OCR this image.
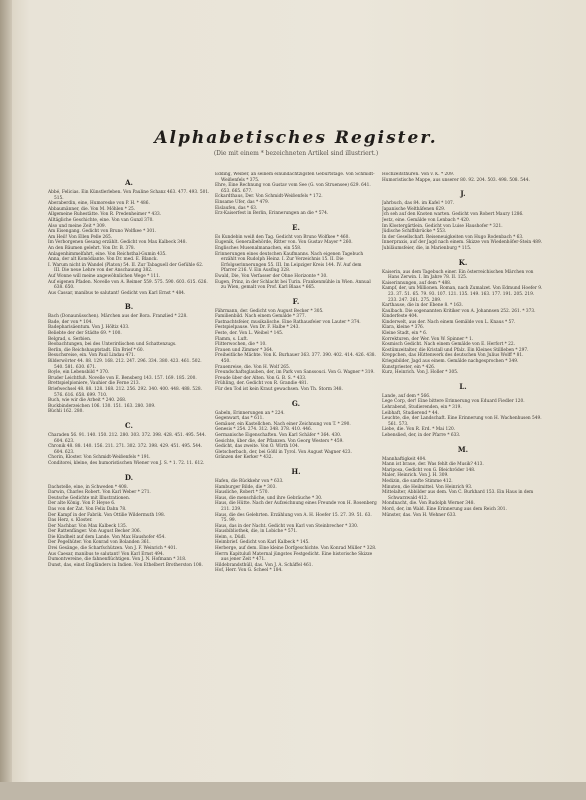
Alphabetisches Register.
(Die mit einem * bezeichneten Artikel sind illustriert.)
A.

Abbé, Felicias. Ein Künstlerleben. Von Pauline Schanz 463. 477. 493. 501. 515.

Aberaberdin, eine, Humoreske von P. H. * 486.

Abbaumänner, die. Von M. Möhlen * 25.

Allgemeine Ruhestätte. Von R. Predenheimer * 433.

Alltägliche Geschichte, eine. Von van Gunzl 370.

Also und meine Zeit * 309.

Am Eisengang. Gedicht von Bruno Wolfkee * 301.

Am Heil! Von Ellen Pelle 265.

Im Verborgenen Gesang erzählt. Gedicht von Max Kalbeck 348.

An den Bäumen gelehrt. Von Dr. B. 378.

Anlagenhimmelfahrt, eine. Von Reichsthal-Gumin 435.

Anna, der alt Komödiante. Von Dr. med. E. Blanck.

I. Warum nicht in Wandel (Platon) 54. II. Zur Tabaguell der Gefühle 62. III. Die neue Lehre von der Anschauung 382.

Auf Wonne will meine angewöhnlichen Wege * 111.

Auf eigenen Pfaden. Novelle von A. Reimer 559. 575. 590. 603. 615. 626. 638. 650.

Aus Cassar, manibus te salutant! Gedicht von Karl Ernst * 484.

B.

Bach (Donaunüsschen). Märchen aus der Bora. Franzlied * 228.

Bade, der von * 104.

Badepharisäentum. Von J. Höltiz 433.

Beliebte der der Städte 69. * 100.

Belgrad, s. Serbien.

Beobachtungen, bei des Unterirdischen und Schattenzugs.

Berlin, die Reichshauptstadt. Ein Brief * 60.

Besuchsreise, ein. Von Paul Lindau 471.

Bilderwörter 44. 88. 129. 168. 212. 247. 296. 334. 380. 423. 461. 502. 540. 581. 630. 671.

Boyle, ein Lebensbild * 370.

Bruder Leichtfuß. Novelle von E. Bensberg 143. 157. 169. 185. 200.

Brettspielpioniere, Vauhier die Ferne 213.

Briefwechsel 48. 88. 128. 168. 212. 256. 292. 340. 400. 448. 488. 528. 576. 616. 658. 699. 710.

Buch, wie wir die Arbeit * 240. 268.

Buckbinderzeichen 106. 130. 151. 163. 280. 309.

Büchli 162. 280.

C.

Charaden 56. 91. 140. 150. 212. 280. 303. 372. 398. 428. 451. 495. 544. 604. 623.

Chronik 48. 88. 140. 156. 211. 271. 302. 372. 398. 429. 451. 495. 544. 604. 623.

Chorin, Kloster. Von Schmidt-Weißenfels * 191.

Conditorei, kleine, des humoristischen Wiener von J. S. * 1. 72. 11. 612.

D.

Dachstelle, eine, in Schweden * 408.

Darwin, Charles Robert. Von Karl Weber * 271.

Deutsche Gedichte mit Illustrationen.

Der alte König. Von P. Heyse 6.

Das von der Zat. Von Felix Dahn 78.

Der Kampf in der Fabrik. Von Ottilie Wildermuth 198.

Das Herz, s. Kloster.

Der Nachbar. Von Max Kalbeck 135.

Der Rattenfänger. Von August Becker 306.

Die Kindheit auf dem Lande. Von Max Haushofer 454.

Der Pegelhüter. Von Konrad von Bolanden 361.

Drei Gesänge, die Scharfschützen. Von J. F. Weinrich * 401.

Aus Caesar, manibus te salutant! Von Karl Ernst 494.

Dumontvereine, die fahnenflüchtigen. Von J. N. Hofmann * 318.

Dunst, das, einst Engländers in Indien. Von Ethelbert Brotherston 108.

Edding, Weiber, an seinem einundachtzigsten Geburtstage. Von Schmidt-Weißenfels * 375.

Ehre, Eine Rechnung von Gustav vom See (G. von Struensee) 629. 641. 653. 665. 677.

Eckardthaus, Der. Von Schmidt-Weißenfels * 172.

Einsame Ufer, das * 479.

Eislaufen, das * 63.

Erz-Kaiserfest in Berlin, Erinnerungen an die * 574.

E.

Es Kundebin weiß den Tag. Gedicht von Bruno Wolfkee * 460.

Eugenik, Generalbehörde, Ritter von. Von Gustav Mayer * 260.

Englisches Musenalmanachen, ein 558.

Erinnerungen eines deutschen Kaufmanns. Nach eigenen Tagebuch erzählt von Rudolph Heinz. I. Zur Verzeichnis 15. II. Die Erfolgserinnerungen 55. III. Im Leipziger Kreis 144. IV. Auf dem Pfarrer 216. V. Ein Ausflug 328.

Ewald, Die, Von Verfasser der Ohne Horizonte * 30.

Eugen, Prinz, in der Schlacht bei Turin. Frankenmühle in Wien. Annual zu Wien, gemalt von Prof. Karl Blaas * 665.

F.

Fährmann, der. Gedicht von August Becker * 305.

Familienbild. Nach einem Gemälde * 377.

Fastnachtsfeier, musikalische. Eine Rathausfeier von Lauter * 374.

Festspielpause. Von Dr. F. Halbe * 243.

Feste, der. Von L. Weibel * 145.

Flamm, s. Luft.

Flitterwochen, die * 10.

Frauen und Zimmer * 364.

Freiheitliche Mächte. Von K. Burhauer 363. 377. 390. 402. 414. 426. 438. 450.

Frauenreise, die. Von H. Wolf 265.

Freundschaftsglauben, der, im Park von Sanssouci. Von G. Wagner * 319.

Freude über der Alten. Von G. B. S. * 433.

Frühling, der. Gedicht von R. Grandie 481.

Für den Tod ist kein Kraut gewachsen. Von Th. Storm 348.

G.

Gabeln, Erinnerungen an * 224.

Gegenwart, das * 611.

Gemäuer, ein Kastellchen. Nach einer Zeichnung von T. * 290.

Genesis * 254. 274. 312. 348. 378. 410. 446.

Germanische Eigenschaften. Von Karl Schäfer * 364. 430.

Gesichte, über die, der Pflanzen. Von Georg Westers * 459.

Gedicht, das zweite. Von O. Wirth 104.

Gletscherbach, der, bei Gößl in Tyrol. Von August Wagner 423.

Gränzen der Kerker * 432.

H.

Hafen, die Rückkehr von * 633.

Hamburger Bilde, die * 303.

Hausliche, Robert * 570.

Haus, die menschliche, und ihre Gebräuche * 30.

Haus, die Hütte. Nach der Aufzeichnung eines Freunde von H. Rosenberg 211. 239.

Haus, die des Gelehrten. Erzählung von A. H. Hoefer 15. 27. 39. 51. 63. 75. 99.

Haus, das in der Nacht. Gedicht von Karl von Steinbrecher * 330.

Hausbibliothek, die, in Lobiche * 571.

Heim, s. Düdl.

Heimbrief. Gedicht von Karl Kalbeck * 145.

Herberge, auf dem. Eine kleine Dorfgeschichte. Von Konrad Müller * 328.

Herrn Kapituluß Maternal jüngstes Festgedicht. Eine historische Skizze aus jener Zeit * 471.

Hildebrandsthüll, das. Von J. A. Schäffel 461.

Hof, Herr. Von G. Scheel * 184.

Hochzeitsthüren. Von v. K. * 209.

Humoristische Mappe, aus unserer 80. 92. 204. 503. 498. 508. 544.

J.

Jahrbuch, das 84. im Kafel * 107.

Japanische Welthäfenen 629.

Jch seh auf den Knoten warten. Gedicht von Robert Maury 1286.

Jestz, eine. Gemälde von Lenbach * 420.

Im Klostergärtlein. Gedicht von Luise Haushofer * 321.

Jüdische Schiffsbrücke * 553.

In der Gesellschaft. Reiseneuigkeiten von Hugo Rodenbach * 63.

Innerpraxis, auf der Jagd nach einem. Skizze von Wiedenhöfer-Stein 489.

Jubiläumsfeier, die, in Marienburg * 115.

K.

Kaiserin, aus dem Tagebuch einer. Ein österreichischen Märchen von Hans Zerwin. I. Im Jahre 78. II. 125.

Kaiserinnungen, auf dem * 488.

Kampf, der, um Millionen. Roman, nach Zumalzet. Von Edmund Hoefer 9. 23. 37. 51. 65. 79. 93. 107. 121. 135. 149. 163. 177. 191. 205. 219. 233. 247. 261. 275. 289.

Karthause, die in der Ebene 8. * 163.

Kaulbach. Die sogenannten Kritiker von A. Johannsen 252. 261. * 373.

Kinderfeste 404.

Kinderwelt, aus der. Nach einem Gemälde von L. Knaus * 57.

Klara, kleine * 376.

Kleine Stadt, ein * 6.

Korrekturen, der Wer. Von W. Spinner * 1.

Kosmisch Gedicht. Nach einem Gemälde von E. Herfort * 22.

Kostümzeitalter, die Kristall und Pfalz. Ein Kleines Stillleben * 297.

Kreppchen, das Hüttenwerk des deutschen Von Julius Wolff * 81.

Kriegsbilder, Jagd aus einem. Gemälde nachgesprochen * 349.

Kunstpriester, ein * 426.

Kurz, Heinrich. Von J. Holler * 305.

L.

Lande, auf dem * 566.

Lege Corp, der! Eine bittere Erinnerung von Eduard Fiedler 120.

Lehrabend, Studierenden, ein * 319.

Leibhaft, Studierend * 44.

Leuchte, die, der Landschaft. Eine Erinnerung von H. Wachenhusen 549. 561. 573.

Liebe, die. Von R. Erd. * Mai 120.

Lebenslied, der, in der Pfarre * 633.

M.

Mannhaftigkeit 404.

Mann ist braue, der. Was fehlt die Musik? 413.

Mariposa, Gedicht von G. Bleichröder 148.

Maler, Heinrich. Von J. H. 309.

Medizin, die sanfte Stimme 412.

Minuten, die Heilmittel. Von Heinrich 93.

Mittelalter, Abbilder aus dem. Von C. Burkhard 153. Ein Haus in dem Schwarzwald 412.

Mondnacht, die. Von Rudolph Werner 348.

Mord, der, im Wald. Eine Erinnerung aus dem Reich 301.

Münster, das. Von H. Wehner 633.
